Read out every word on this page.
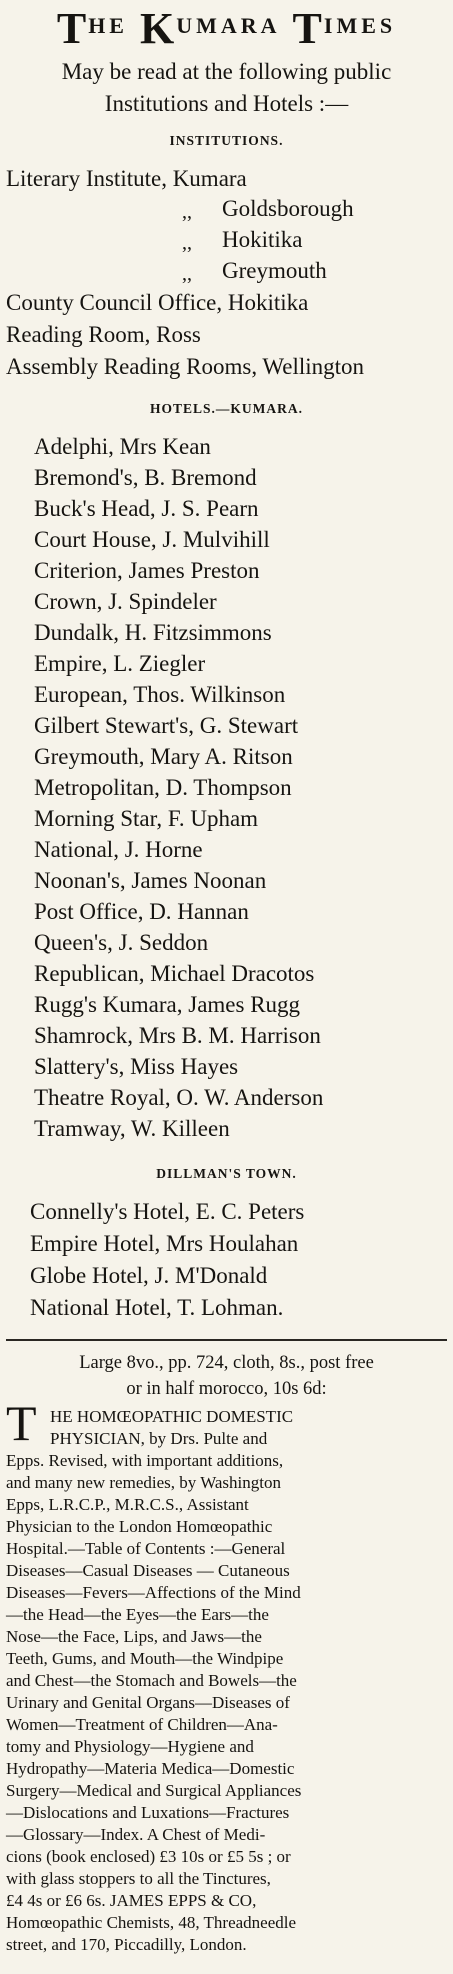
THE KUMARA TIMES
May be read at the following public
Institutions and Hotels :—
INSTITUTIONS.
Literary Institute, Kumara
,, Goldsborough
,, Hokitika
,, Greymouth
County Council Office, Hokitika
Reading Room, Ross
Assembly Reading Rooms, Wellington
HOTELS.—KUMARA.
Adelphi, Mrs Kean
Bremond's, B. Bremond
Buck's Head, J. S. Pearn
Court House, J. Mulvihill
Criterion, James Preston
Crown, J. Spindeler
Dundalk, H. Fitzsimmons
Empire, L. Ziegler
European, Thos. Wilkinson
Gilbert Stewart's, G. Stewart
Greymouth, Mary A. Ritson
Metropolitan, D. Thompson
Morning Star, F. Upham
National, J. Horne
Noonan's, James Noonan
Post Office, D. Hannan
Queen's, J. Seddon
Republican, Michael Dracotos
Rugg's Kumara, James Rugg
Shamrock, Mrs B. M. Harrison
Slattery's, Miss Hayes
Theatre Royal, O. W. Anderson
Tramway, W. Killeen
DILLMAN'S TOWN.
Connelly's Hotel, E. C. Peters
Empire Hotel, Mrs Houlahan
Globe Hotel, J. M'Donald
National Hotel, T. Lohman.
Large 8vo., pp. 724, cloth, 8s., post free
or in half morocco, 10s 6d:
T HE HOMŒOPATHIC DOMESTIC
PHYSICIAN, by Drs. Pulte and
Epps. Revised, with important additions,
and many new remedies, by Washington
Epps, L.R.C.P., M.R.C.S., Assistant
Physician to the London Homœopathic
Hospital.—Table of Contents :—General
Diseases—Casual Diseases — Cutaneous
Diseases—Fevers—Affections of the Mind
—the Head—the Eyes—the Ears—the
Nose—the Face, Lips, and Jaws—the
Teeth, Gums, and Mouth—the Windpipe
and Chest—the Stomach and Bowels—the
Urinary and Genital Organs—Diseases of
Women—Treatment of Children—Ana-
tomy and Physiology—Hygiene and
Hydropathy—Materia Medica—Domestic
Surgery—Medical and Surgical Appliances
—Dislocations and Luxations—Fractures
—Glossary—Index. A Chest of Medi-
cions (book enclosed) £3 10s or £5 5s ; or
with glass stoppers to all the Tinctures,
£4 4s or £6 6s. JAMES EPPS & CO,
Homœopathic Chemists, 48, Threadneedle
street, and 170, Piccadilly, London.
